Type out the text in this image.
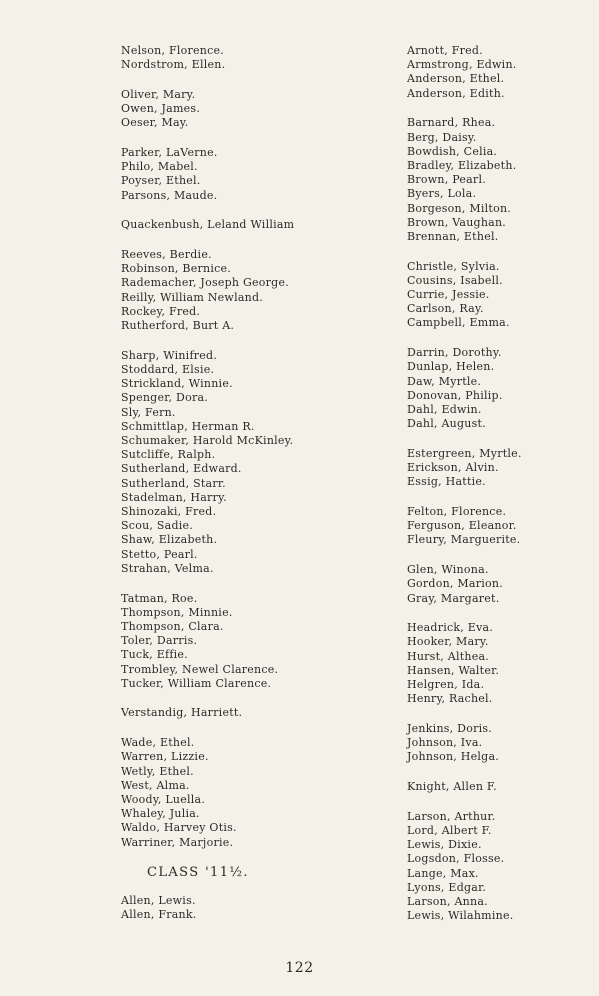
Nelson, Florence.
Nordstrom, Ellen.
Oliver, Mary.
Owen, James.
Oeser, May.
Parker, LaVerne.
Philo, Mabel.
Poyser, Ethel.
Parsons, Maude.
Quackenbush, Leland William
Reeves, Berdie.
Robinson, Bernice.
Rademacher, Joseph George.
Reilly, William Newland.
Rockey, Fred.
Rutherford, Burt A.
Sharp, Winifred.
Stoddard, Elsie.
Strickland, Winnie.
Spenger, Dora.
Sly, Fern.
Schmittlap, Herman R.
Schumaker, Harold McKinley.
Sutcliffe, Ralph.
Sutherland, Edward.
Sutherland, Starr.
Stadelman, Harry.
Shinozaki, Fred.
Scou, Sadie.
Shaw, Elizabeth.
Stetto, Pearl.
Strahan, Velma.
Tatman, Roe.
Thompson, Minnie.
Thompson, Clara.
Toler, Darris.
Tuck, Effie.
Trombley, Newel Clarence.
Tucker, William Clarence.
Verstandig, Harriett.
Wade, Ethel.
Warren, Lizzie.
Wetly, Ethel.
West, Alma.
Woody, Luella.
Whaley, Julia.
Waldo, Harvey Otis.
Warriner, Marjorie.
CLASS '11½.
Allen, Lewis.
Allen, Frank.
Arnott, Fred.
Armstrong, Edwin.
Anderson, Ethel.
Anderson, Edith.
Barnard, Rhea.
Berg, Daisy.
Bowdish, Celia.
Bradley, Elizabeth.
Brown, Pearl.
Byers, Lola.
Borgeson, Milton.
Brown, Vaughan.
Brennan, Ethel.
Christle, Sylvia.
Cousins, Isabell.
Currie, Jessie.
Carlson, Ray.
Campbell, Emma.
Darrin, Dorothy.
Dunlap, Helen.
Daw, Myrtle.
Donovan, Philip.
Dahl, Edwin.
Dahl, August.
Estergreen, Myrtle.
Erickson, Alvin.
Essig, Hattie.
Felton, Florence.
Ferguson, Eleanor.
Fleury, Marguerite.
Glen, Winona.
Gordon, Marion.
Gray, Margaret.
Headrick, Eva.
Hooker, Mary.
Hurst, Althea.
Hansen, Walter.
Helgren, Ida.
Henry, Rachel.
Jenkins, Doris.
Johnson, Iva.
Johnson, Helga.
Knight, Allen F.
Larson, Arthur.
Lord, Albert F.
Lewis, Dixie.
Logsdon, Flosse.
Lange, Max.
Lyons, Edgar.
Larson, Anna.
Lewis, Wilahmine.
122
